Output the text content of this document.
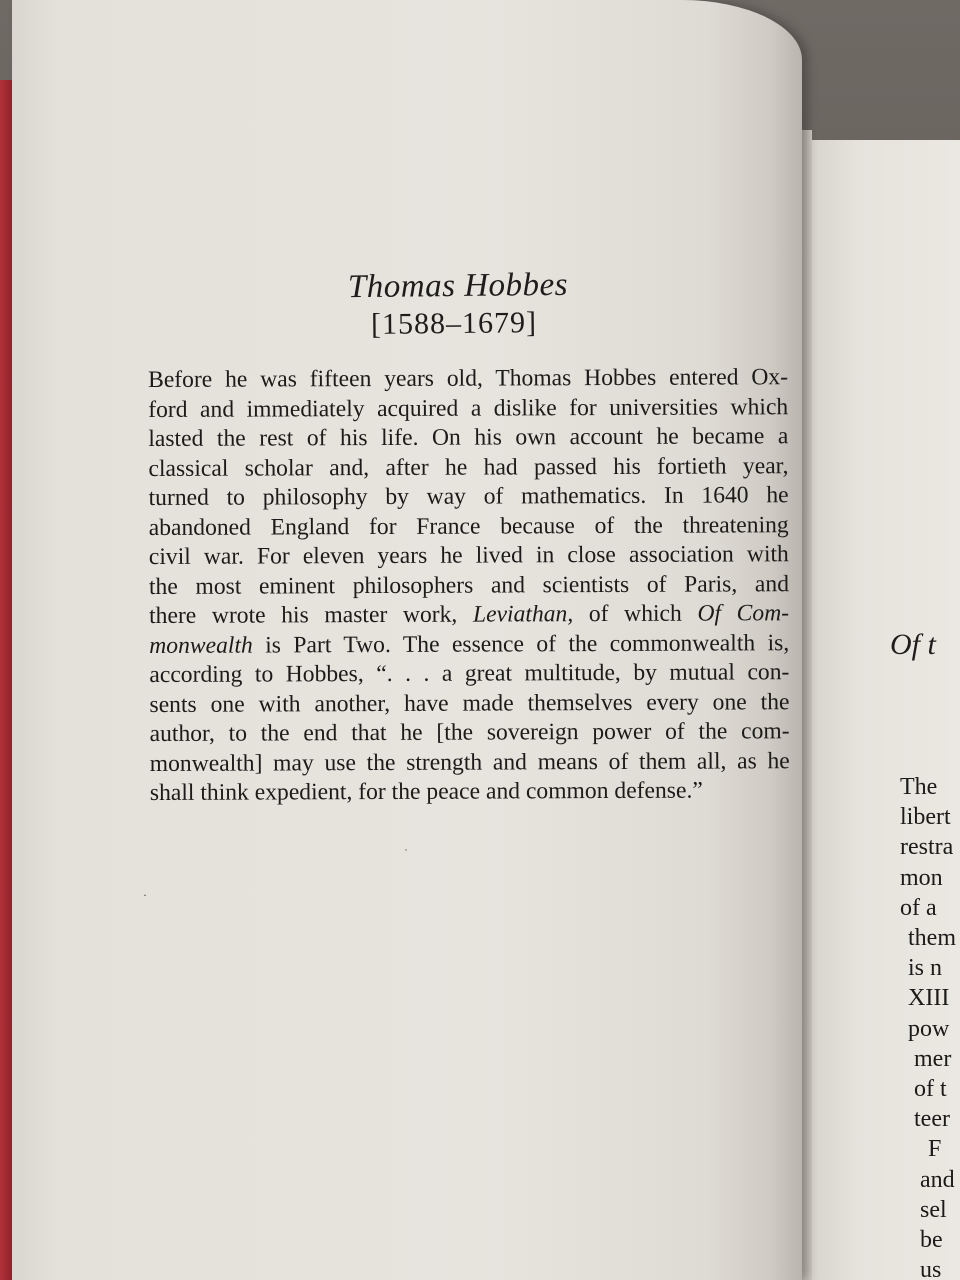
Thomas Hobbes
[1588–1679]
Before he was fifteen years old, Thomas Hobbes entered Ox-
ford and immediately acquired a dislike for universities which
lasted the rest of his life. On his own account he became a
classical scholar and, after he had passed his fortieth year,
turned to philosophy by way of mathematics. In 1640 he
abandoned England for France because of the threatening
civil war. For eleven years he lived in close association with
the most eminent philosophers and scientists of Paris, and
there wrote his master work, Leviathan, of which Of Com-
monwealth is Part Two. The essence of the commonwealth is,
according to Hobbes, “. . . a great multitude, by mutual con-
sents one with another, have made themselves every one the
author, to the end that he [the sovereign power of the com-
monwealth] may use the strength and means of them all, as he
shall think expedient, for the peace and common defense.”
Of t
The
libert
restra
mon
of a
them
is n
XIII
pow
mer
of t
teer
F
and
sel
be
us
˙
·
